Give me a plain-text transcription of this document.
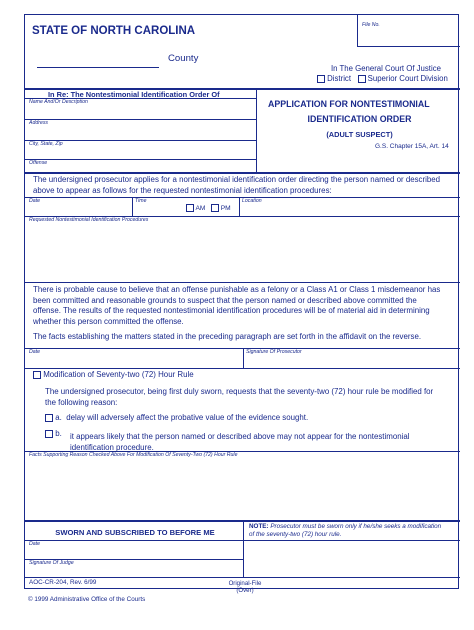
STATE OF NORTH CAROLINA	File No.
County
In The General Court Of Justice
District Superior Court Division
In Re: The Nontestimonial Identification Order Of
Name And/Or Description
Address
City, State, Zip
Offense
APPLICATION FOR NONTESTIMONIAL
IDENTIFICATION ORDER
(ADULT SUSPECT)
G.S. Chapter 15A, Art. 14
The undersigned prosecutor applies for a nontestimonial identification order directing the person named or described
above to appear as follows for the requested nontestimonial identification procedures:
Date	Time
AM PM
Location
Requested Nontestimonial Identification Procedures
There is probable cause to believe that an offense punishable as a felony or a Class A1 or Class 1 misdemeanor has
been committed and reasonable grounds to suspect that the person named or described above committed the
offense. The results of the requested nontestimonial identification procedures will be of material aid in determining
whether this person committed the offense.
The facts establishing the matters stated in the preceding paragraph are set forth in the affidavit on the reverse.
Date	Signature Of Prosecutor
Modification of Seventy-two (72) Hour Rule
The undersigned prosecutor, being first duly sworn, requests that the seventy-two (72) hour rule be modified for
the following reason:
a. delay will adversely affect the probative value of the evidence sought.
b. it appears likely that the person named or described above may not appear for the nontestimonial
identification procedure.
Facts Supporting Reason Checked Above For Modification Of Seventy-Two (72) Hour Rule
SWORN AND SUBSCRIBED TO BEFORE ME
NOTE: Prosecutor must be sworn only if he/she seeks a modification
of the seventy-two (72) hour rule.
Date
Signature Of Judge
AOC-CR-204, Rev. 6/99
© 1999 Administrative Office of the Courts
Original-File
(Over)
